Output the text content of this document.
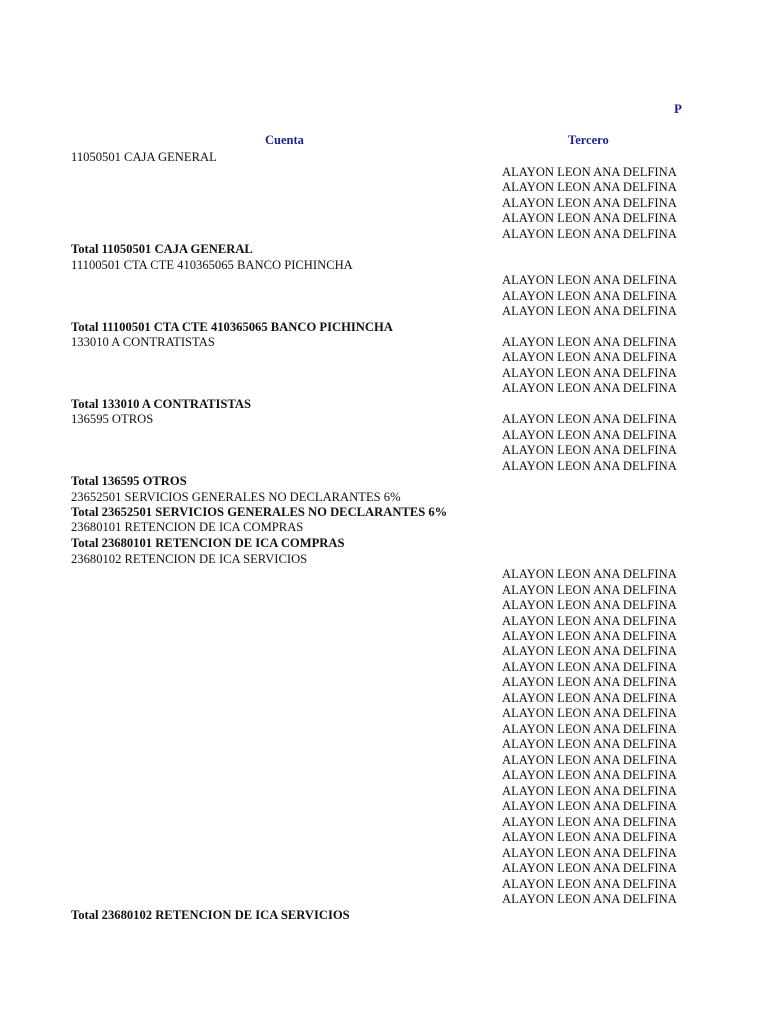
Cuenta	Tercero
11050501 CAJA GENERAL
Total 11050501 CAJA GENERAL
11100501 CTA CTE 410365065 BANCO PICHINCHA
Total 11100501 CTA CTE 410365065 BANCO PICHINCHA
133010 A CONTRATISTAS
Total 133010 A CONTRATISTAS
136595 OTROS
Total 136595 OTROS
23652501 SERVICIOS GENERALES NO DECLARANTES 6%
Total 23652501 SERVICIOS GENERALES NO DECLARANTES 6%
23680101 RETENCION DE ICA COMPRAS
Total 23680101 RETENCION DE ICA COMPRAS
23680102 RETENCION DE ICA SERVICIOS
Total 23680102 RETENCION DE ICA SERVICIOS
ALAYON LEON ANA DELFINA
ALAYON LEON ANA DELFINA
ALAYON LEON ANA DELFINA
ALAYON LEON ANA DELFINA
ALAYON LEON ANA DELFINA
ALAYON LEON ANA DELFINA
ALAYON LEON ANA DELFINA
ALAYON LEON ANA DELFINA
ALAYON LEON ANA DELFINA
ALAYON LEON ANA DELFINA
ALAYON LEON ANA DELFINA
ALAYON LEON ANA DELFINA
ALAYON LEON ANA DELFINA
ALAYON LEON ANA DELFINA
ALAYON LEON ANA DELFINA
ALAYON LEON ANA DELFINA
ALAYON LEON ANA DELFINA
ALAYON LEON ANA DELFINA
ALAYON LEON ANA DELFINA
ALAYON LEON ANA DELFINA
ALAYON LEON ANA DELFINA
ALAYON LEON ANA DELFINA
ALAYON LEON ANA DELFINA
ALAYON LEON ANA DELFINA
ALAYON LEON ANA DELFINA
ALAYON LEON ANA DELFINA
ALAYON LEON ANA DELFINA
ALAYON LEON ANA DELFINA
ALAYON LEON ANA DELFINA
ALAYON LEON ANA DELFINA
ALAYON LEON ANA DELFINA
ALAYON LEON ANA DELFINA
ALAYON LEON ANA DELFINA
ALAYON LEON ANA DELFINA
ALAYON LEON ANA DELFINA
ALAYON LEON ANA DELFINA
ALAYON LEON ANA DELFINA
ALAYON LEON ANA DELFINA
P
